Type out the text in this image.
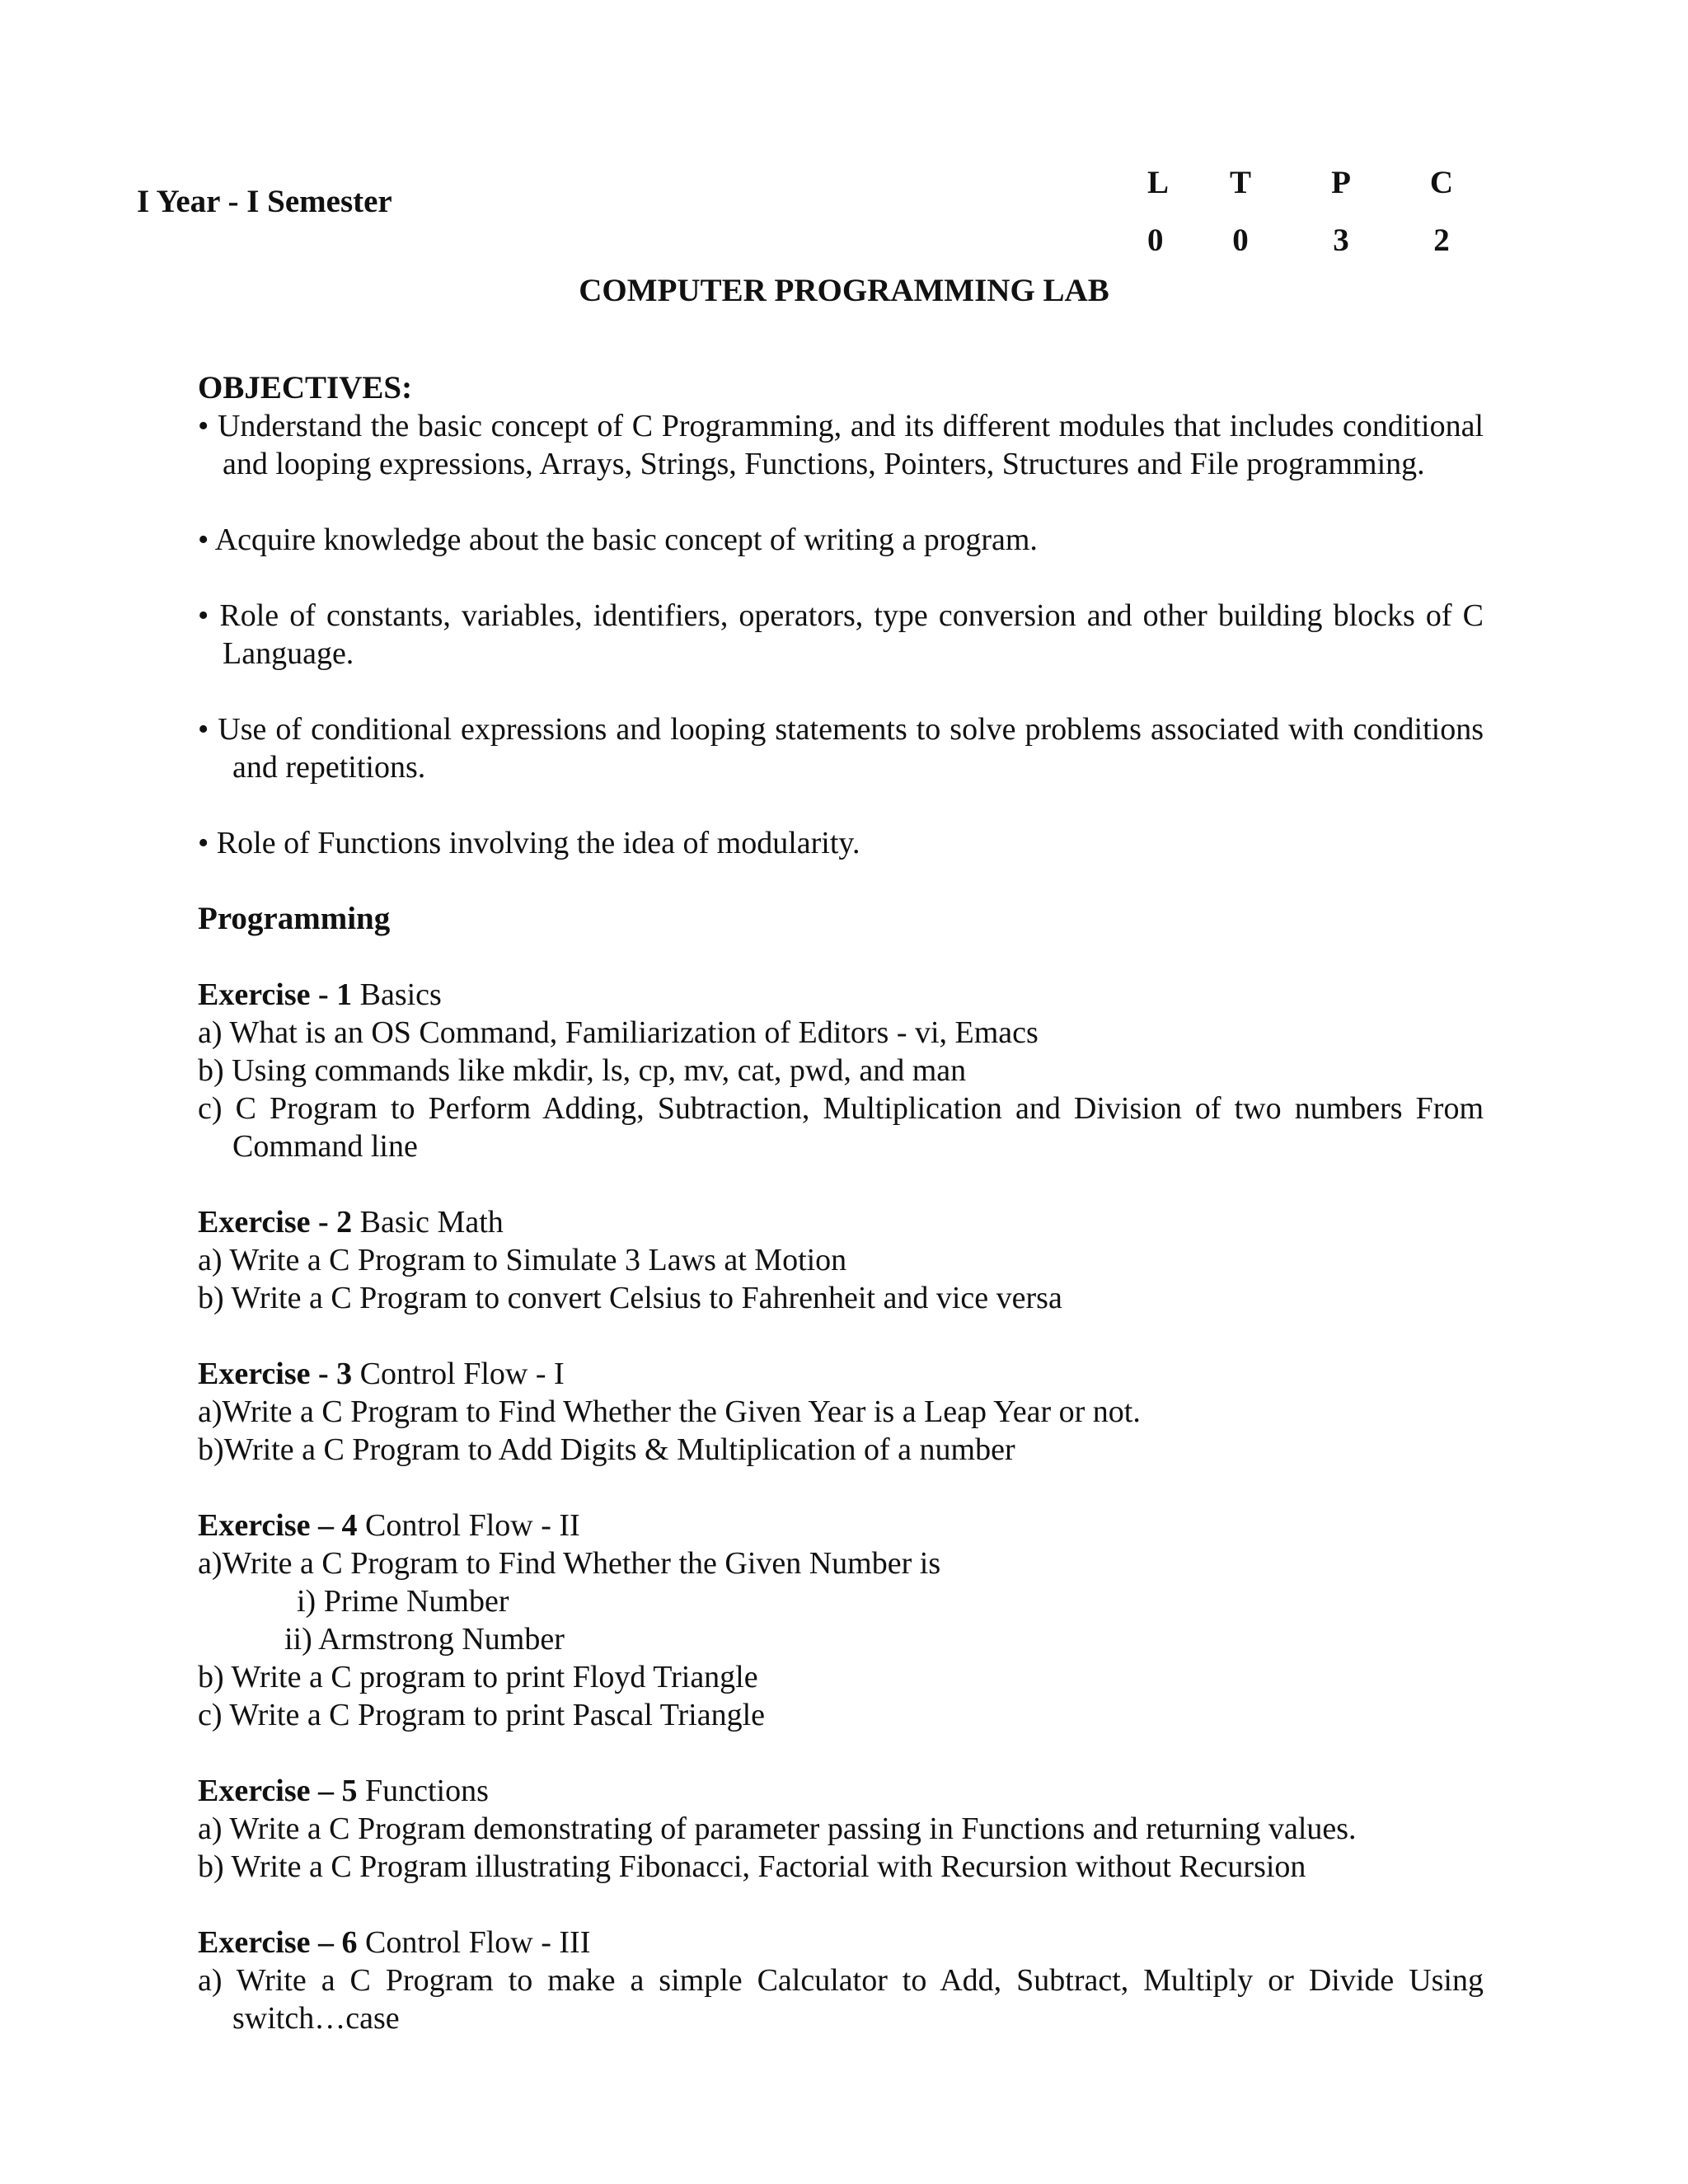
I Year - I Semester
L	T	P	C
0	0	3	2
COMPUTER PROGRAMMING LAB
OBJECTIVES:
• Understand the basic concept of C Programming, and its different modules that includes conditional and looping expressions, Arrays, Strings, Functions, Pointers, Structures and File programming.
• Acquire knowledge about the basic concept of writing a program.
• Role of constants, variables, identifiers, operators, type conversion and other building blocks of C Language.
• Use of conditional expressions and looping statements to solve problems associated with conditions and repetitions.
• Role of Functions involving the idea of modularity.
Programming
Exercise - 1 Basics
a) What is an OS Command, Familiarization of Editors - vi, Emacs
b) Using commands like mkdir, ls, cp, mv, cat, pwd, and man
c) C Program to Perform Adding, Subtraction, Multiplication and Division of two numbers From Command line
Exercise - 2 Basic Math
a) Write a C Program to Simulate 3 Laws at Motion
b) Write a C Program to convert Celsius to Fahrenheit and vice versa
Exercise - 3 Control Flow - I
a)Write a C Program to Find Whether the Given Year is a Leap Year or not.
b)Write a C Program to Add Digits & Multiplication of a number
Exercise – 4 Control Flow - II
a)Write a C Program to Find Whether the Given Number is
i) Prime Number
ii) Armstrong Number
b) Write a C program to print Floyd Triangle
c) Write a C Program to print Pascal Triangle
Exercise – 5 Functions
a) Write a C Program demonstrating of parameter passing in Functions and returning values.
b) Write a C Program illustrating Fibonacci, Factorial with Recursion without Recursion
Exercise – 6 Control Flow - III
a) Write a C Program to make a simple Calculator to Add, Subtract, Multiply or Divide Using switch…case
